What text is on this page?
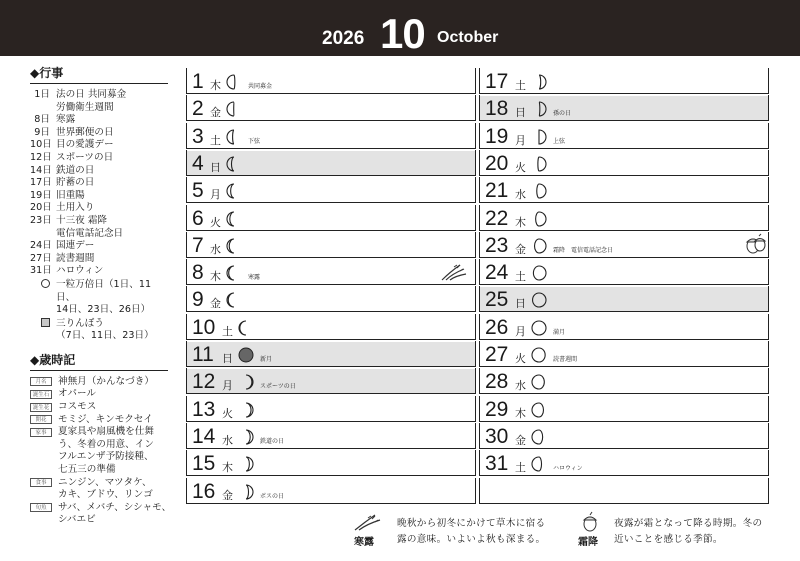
2026 10 October
◆行事
1日 法の日 共同募金
労働衛生週間
8日 寒露
9日 世界郵便の日
10日 目の愛護デー
12日 スポーツの日
14日 鉄道の日
17日 貯蓄の日
19日 旧重陽
20日 土用入り
23日 十三夜 霜降
電信電話記念日
24日 国連デー
27日 読書週間
31日 ハロウィン
一粒万倍日（1日、11日、
14日、23日、26日）
三りんぼう
（7日、11日、23日）
◆歳時記
月名	神無月（かんなづき）
誕生石 オパール
誕生花 コスモス
開花	モミジ、キンモクセイ
家事	夏家具や扇風機を仕舞
う、冬着の用意、イン
フルエンザ予防接種、
七五三の準備
食事	ニンジン、マツタケ、
カキ、ブドウ、リンゴ
旬魚	サバ、メバチ、シシャモ、
シバエビ
1 木	共同募金
2 金
3 土	下弦
4 日
5 月
6 火
7 水
8 木	寒露
9 金
10 土
11 日	新月
12 月	スポーツの日
13 火
14 水	鉄道の日
15 木
16 金	ボスの日
17 土
18 日	孫の日
19 月	上弦
20 火
21 水
22 木
23 金	霜降　電信電話記念日
24 土
25 日
26 月	満月
27 火	読書週間
28 水
29 木
30 金
31 土	ハロウィン
寒露
晩秋から初冬にかけて草木に宿る
露の意味。いよいよ秋も深まる。	霜降
夜露が霜となって降る時期。冬の
近いことを感じる季節。
